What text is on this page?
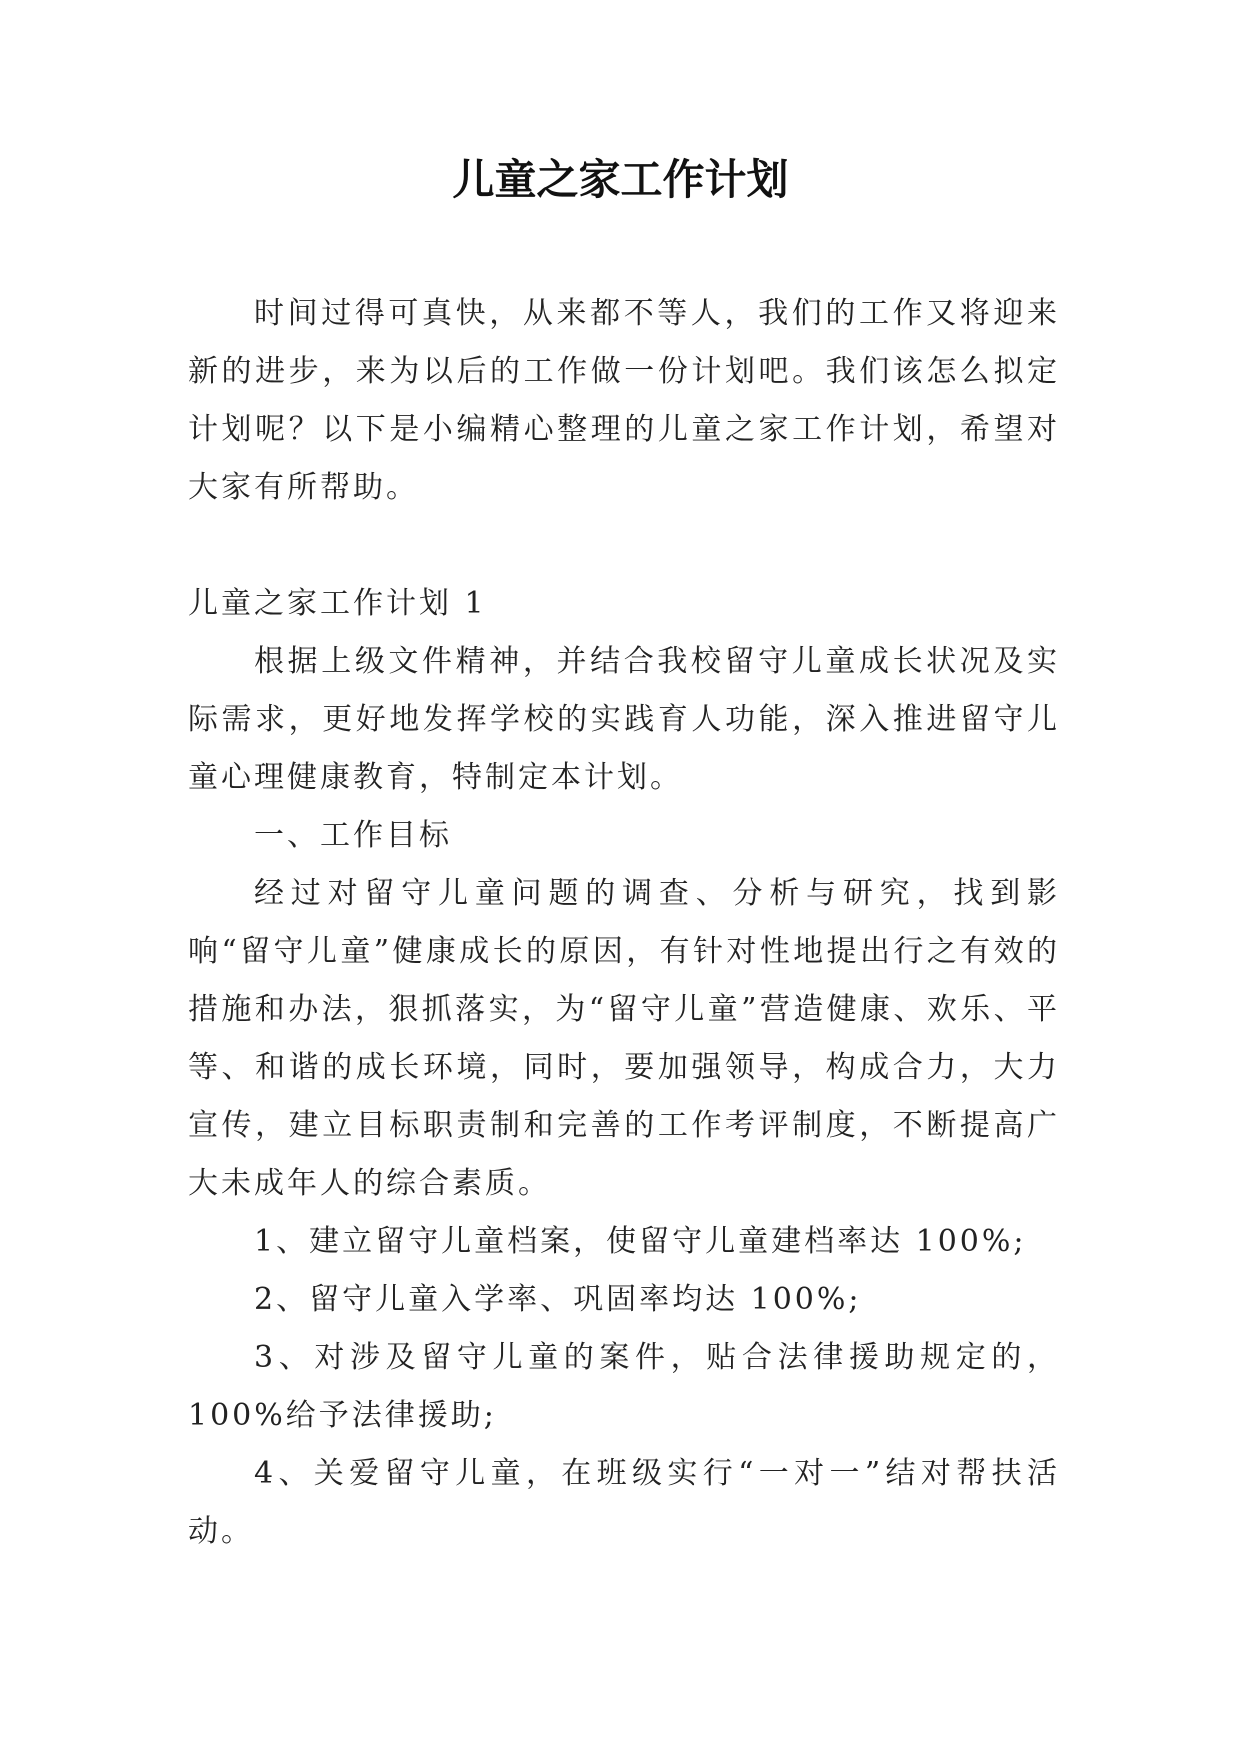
儿童之家工作计划

时间过得可真快，从来都不等人，我们的工作又将迎来新的进步，来为以后的工作做一份计划吧。我们该怎么拟定计划呢？以下是小编精心整理的儿童之家工作计划，希望对大家有所帮助。

儿童之家工作计划 1

根据上级文件精神，并结合我校留守儿童成长状况及实际需求，更好地发挥学校的实践育人功能，深入推进留守儿童心理健康教育，特制定本计划。

一、工作目标

经过对留守儿童问题的调查、分析与研究，找到影响“留守儿童”健康成长的原因，有针对性地提出行之有效的措施和办法，狠抓落实，为“留守儿童”营造健康、欢乐、平等、和谐的成长环境，同时，要加强领导，构成合力，大力宣传，建立目标职责制和完善的工作考评制度，不断提高广大未成年人的综合素质。

1、建立留守儿童档案，使留守儿童建档率达 100%;

2、留守儿童入学率、巩固率均达 100%;

3、对涉及留守儿童的案件，贴合法律援助规定的，100%给予法律援助;

4、关爱留守儿童，在班级实行“一对一”结对帮扶活动。
